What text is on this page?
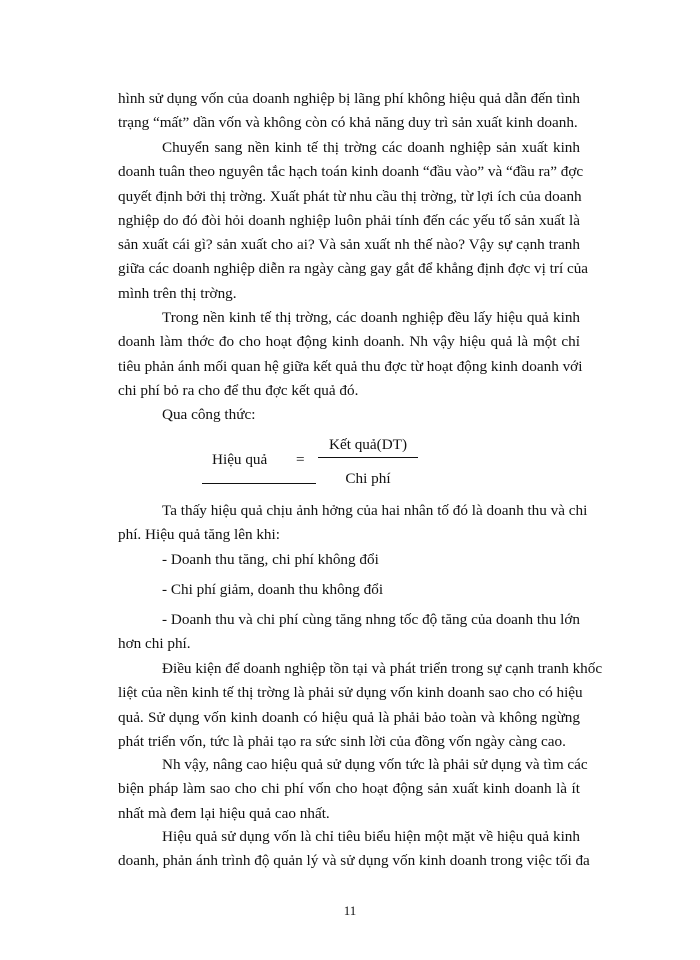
hình sử dụng vốn của doanh nghiệp bị lãng phí không hiệu quả dẫn đến tình
trạng “mất” dần vốn và không còn có khả năng duy trì sản xuất kinh doanh.
Chuyển sang nền kinh tế thị trờng các doanh nghiệp sản xuất kinh
doanh tuân theo nguyên tắc hạch toán kinh doanh “đầu vào” và “đầu ra” đợc
quyết định bởi thị trờng. Xuất phát từ nhu cầu thị trờng, từ lợi ích của doanh
nghiệp do đó đòi hỏi doanh nghiệp luôn phải tính đến các yếu tố sản xuất là
sản xuất cái gì? sản xuất cho ai? Và sản xuất nh thế nào? Vậy sự cạnh tranh
giữa các doanh nghiệp diễn ra ngày càng gay gắt để khẳng định đợc vị trí của
mình trên thị trờng.
Trong nền kinh tế thị trờng, các doanh nghiệp đều lấy hiệu quả kinh
doanh làm thớc đo cho hoạt động kinh doanh. Nh vậy hiệu quả là một chỉ
tiêu phản ánh mối quan hệ giữa kết quả thu đợc từ hoạt động kinh doanh với
chi phí bỏ ra cho để thu đợc kết quả đó.
Qua công thức:
Hiệu quả =
Kết quả(DT)
Chi phí
Ta thấy hiệu quả chịu ảnh hởng của hai nhân tố đó là doanh thu và chi
phí. Hiệu quả tăng lên khi:
- Doanh thu tăng, chi phí không đổi
- Chi phí giảm, doanh thu không đổi
- Doanh thu và chi phí cùng tăng nhng tốc độ tăng của doanh thu lớn
hơn chi phí.
Điều kiện để doanh nghiệp tồn tại và phát triển trong sự cạnh tranh khốc
liệt của nền kinh tế thị trờng là phải sử dụng vốn kinh doanh sao cho có hiệu
quả. Sử dụng vốn kinh doanh có hiệu quả là phải bảo toàn và không ngừng
phát triển vốn, tức là phải tạo ra sức sinh lời của đồng vốn ngày càng cao.
Nh vậy, nâng cao hiệu quả sử dụng vốn tức là phải sử dụng và tìm các
biện pháp làm sao cho chi phí vốn cho hoạt động sản xuất kinh doanh là ít
nhất mà đem lại hiệu quả cao nhất.
Hiệu quả sử dụng vốn là chỉ tiêu biểu hiện một mặt về hiệu quả kinh
doanh, phản ánh trình độ quản lý và sử dụng vốn kinh doanh trong việc tối đa
11
